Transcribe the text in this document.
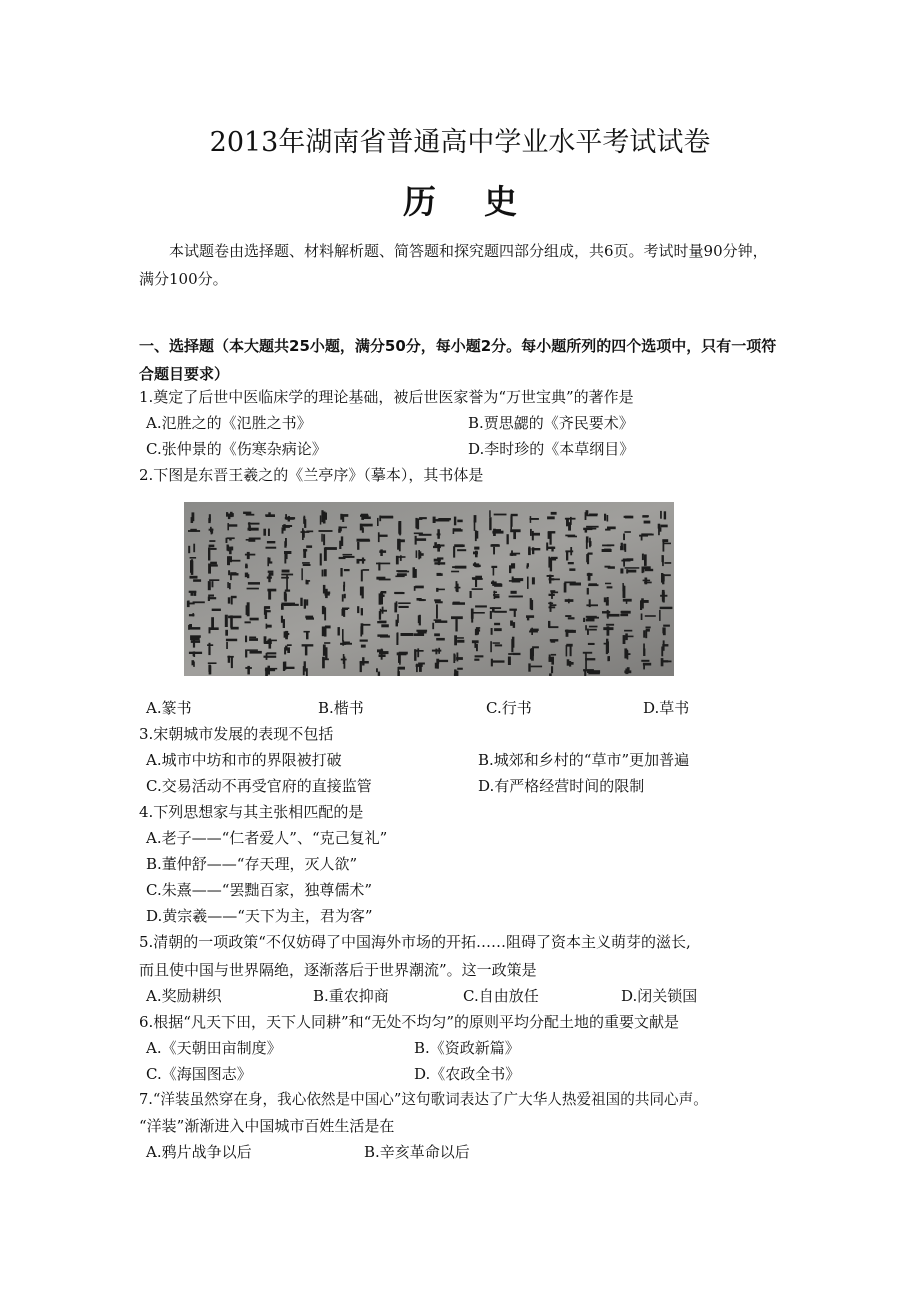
2013年湖南省普通高中学业水平考试试卷
历史
本试题卷由选择题、材料解析题、简答题和探究题四部分组成，共6页。考试时量90分钟，满分100分。
一、选择题（本大题共25小题，满分50分，每小题2分。每小题所列的四个选项中，只有一项符合题目要求）
1.奠定了后世中医临床学的理论基础，被后世医家誉为“万世宝典”的著作是
A.氾胜之的《氾胜之书》	B.贾思勰的《齐民要术》
C.张仲景的《伤寒杂病论》	D.李时珍的《本草纲目》
2.下图是东晋王羲之的《兰亭序》（摹本），其书体是
A.篆书	B.楷书	C.行书	D.草书
3.宋朝城市发展的表现不包括
A.城市中坊和市的界限被打破	B.城郊和乡村的“草市”更加普遍
C.交易活动不再受官府的直接监管	D.有严格经营时间的限制
4.下列思想家与其主张相匹配的是
A.老子——“仁者爱人”、“克己复礼”
B.董仲舒——“存天理，灭人欲”
C.朱熹——“罢黜百家，独尊儒术”
D.黄宗羲——“天下为主，君为客”
5.清朝的一项政策“不仅妨碍了中国海外市场的开拓……阻碍了资本主义萌芽的滋长,
而且使中国与世界隔绝，逐渐落后于世界潮流”。这一政策是
A.奖励耕织	B.重农抑商	C.自由放任	D.闭关锁国
6.根据“凡天下田，天下人同耕”和“无处不均匀”的原则平均分配土地的重要文献是
A.《天朝田亩制度》	B.《资政新篇》
C.《海国图志》	D.《农政全书》
7.“洋装虽然穿在身，我心依然是中国心”这句歌词表达了广大华人热爱祖国的共同心声。
“洋装”渐渐进入中国城市百姓生活是在
A.鸦片战争以后	B.辛亥革命以后
